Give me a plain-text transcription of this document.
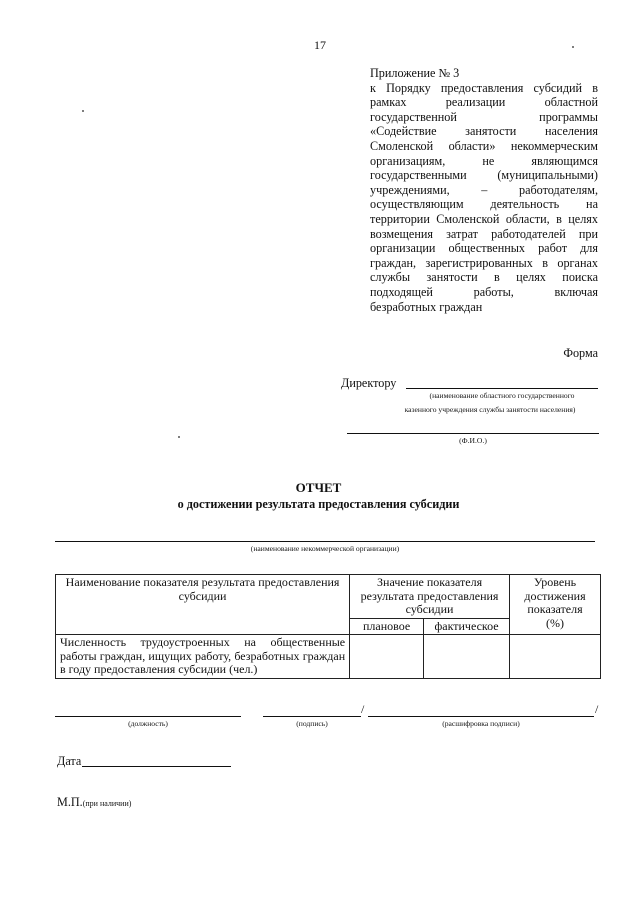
17
Приложение № 3
к Порядку предоставления субсидий в
рамках реализации областной
государственной программы
«Содействие занятости населения
Смоленской области» некоммерческим
организациям, не являющимся
государственными (муниципальными)
учреждениями, – работодателям,
осуществляющим деятельность на
территории Смоленской области, в целях
возмещения затрат работодателей при
организации общественных работ для
граждан, зарегистрированных в органах
службы занятости в целях поиска
подходящей работы, включая
безработных граждан
Форма
Директору
(наименование областного государственного
казенного учреждения службы занятости населения)
(Ф.И.О.)
ОТЧЕТ
о достижении результата предоставления субсидии
(наименование некоммерческой организации)
Наименование показателя результата предоставления субсидии	Значение показателя результата предоставления субсидии		Уровень достижения показателя (%)
	плановое	фактическое	
Численность трудоустроенных на общественные работы граждан, ищущих работу, безработных граждан в году предоставления субсидии (чел.)			
(должность)	(подпись)
/
(расшифровка подписи)
/
Дата
М.П.(при наличии)
